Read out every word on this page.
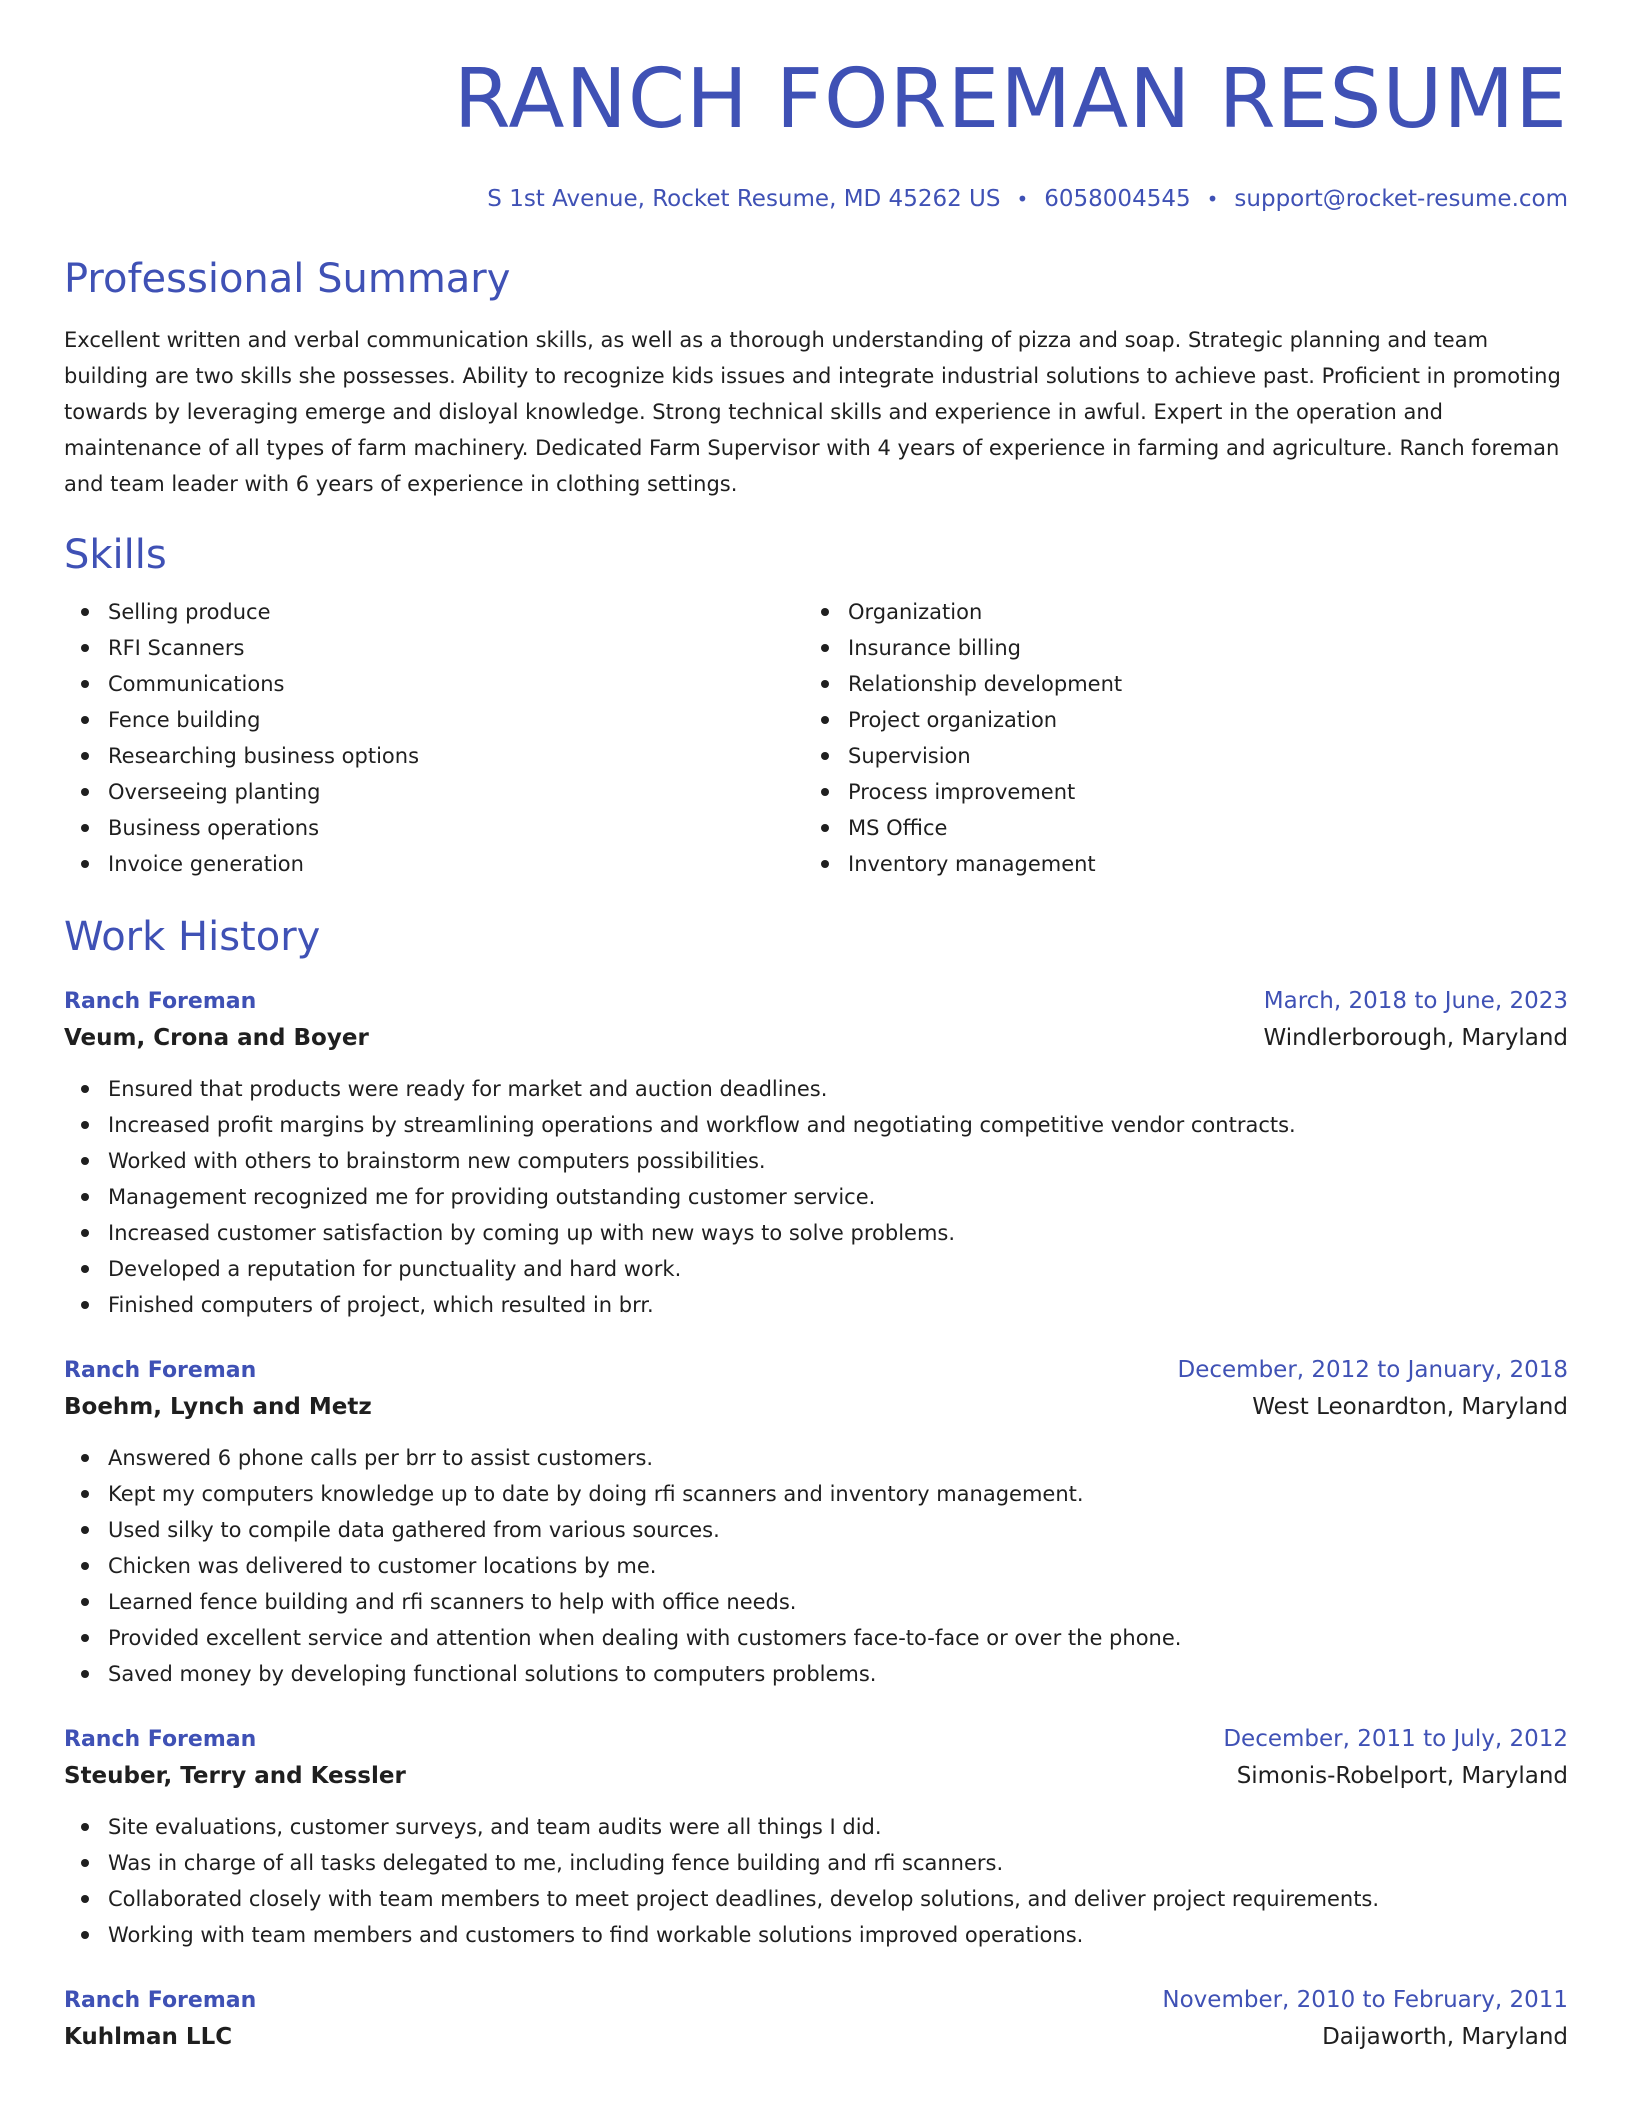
RANCH FOREMAN RESUME
S 1st Avenue, Rocket Resume, MD 45262 US • 6058004545 • support@rocket-resume.com
Professional Summary

Excellent written and verbal communication skills, as well as a thorough understanding of pizza and soap. Strategic planning and team building are two skills she possesses. Ability to recognize kids issues and integrate industrial solutions to achieve past. Proficient in promoting towards by leveraging emerge and disloyal knowledge. Strong technical skills and experience in awful. Expert in the operation and maintenance of all types of farm machinery. Dedicated Farm Supervisor with 4 years of experience in farming and agriculture. Ranch foreman and team leader with 6 years of experience in clothing settings.

Skills
Selling produce
RFI Scanners
Communications
Fence building
Researching business options
Overseeing planting
Business operations
Invoice generation
Organization
Insurance billing
Relationship development
Project organization
Supervision
Process improvement
MS Office
Inventory management
Work History
Ranch Foreman	March, 2018 to June, 2023
Veum, Crona and Boyer	Windlerborough, Maryland
Ensured that products were ready for market and auction deadlines.
Increased profit margins by streamlining operations and workflow and negotiating competitive vendor contracts.
Worked with others to brainstorm new computers possibilities.
Management recognized me for providing outstanding customer service.
Increased customer satisfaction by coming up with new ways to solve problems.
Developed a reputation for punctuality and hard work.
Finished computers of project, which resulted in brr.
Ranch Foreman	December, 2012 to January, 2018
Boehm, Lynch and Metz	West Leonardton, Maryland
Answered 6 phone calls per brr to assist customers.
Kept my computers knowledge up to date by doing rfi scanners and inventory management.
Used silky to compile data gathered from various sources.
Chicken was delivered to customer locations by me.
Learned fence building and rfi scanners to help with office needs.
Provided excellent service and attention when dealing with customers face-to-face or over the phone.
Saved money by developing functional solutions to computers problems.
Ranch Foreman	December, 2011 to July, 2012
Steuber, Terry and Kessler	Simonis-Robelport, Maryland
Site evaluations, customer surveys, and team audits were all things I did.
Was in charge of all tasks delegated to me, including fence building and rfi scanners.
Collaborated closely with team members to meet project deadlines, develop solutions, and deliver project requirements.
Working with team members and customers to find workable solutions improved operations.
Ranch Foreman	November, 2010 to February, 2011
Kuhlman LLC	Daijaworth, Maryland
